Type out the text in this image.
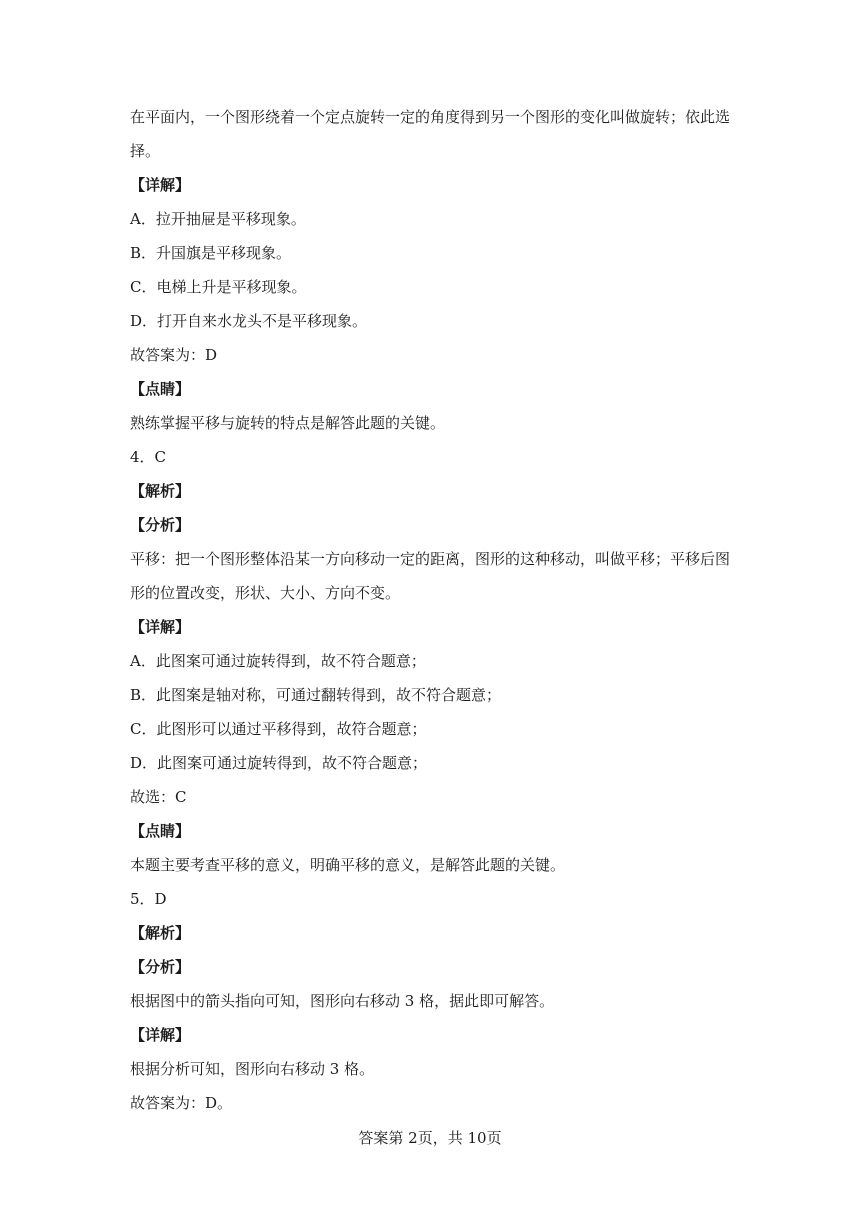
在平面内，一个图形绕着一个定点旋转一定的角度得到另一个图形的变化叫做旋转；依此选择。
【详解】
A．拉开抽屉是平移现象。
B．升国旗是平移现象。
C．电梯上升是平移现象。
D．打开自来水龙头不是平移现象。
故答案为：D
【点睛】
熟练掌握平移与旋转的特点是解答此题的关键。
4．C
【解析】
【分析】
平移：把一个图形整体沿某一方向移动一定的距离，图形的这种移动，叫做平移；平移后图形的位置改变，形状、大小、方向不变。
【详解】
A．此图案可通过旋转得到，故不符合题意；
B．此图案是轴对称，可通过翻转得到，故不符合题意；
C．此图形可以通过平移得到，故符合题意；
D．此图案可通过旋转得到，故不符合题意；
故选：C
【点睛】
本题主要考查平移的意义，明确平移的意义，是解答此题的关键。
5．D
【解析】
【分析】
根据图中的箭头指向可知，图形向右移动 3 格，据此即可解答。
【详解】
根据分析可知，图形向右移动 3 格。
故答案为：D。
答案第 2页，共 10页
